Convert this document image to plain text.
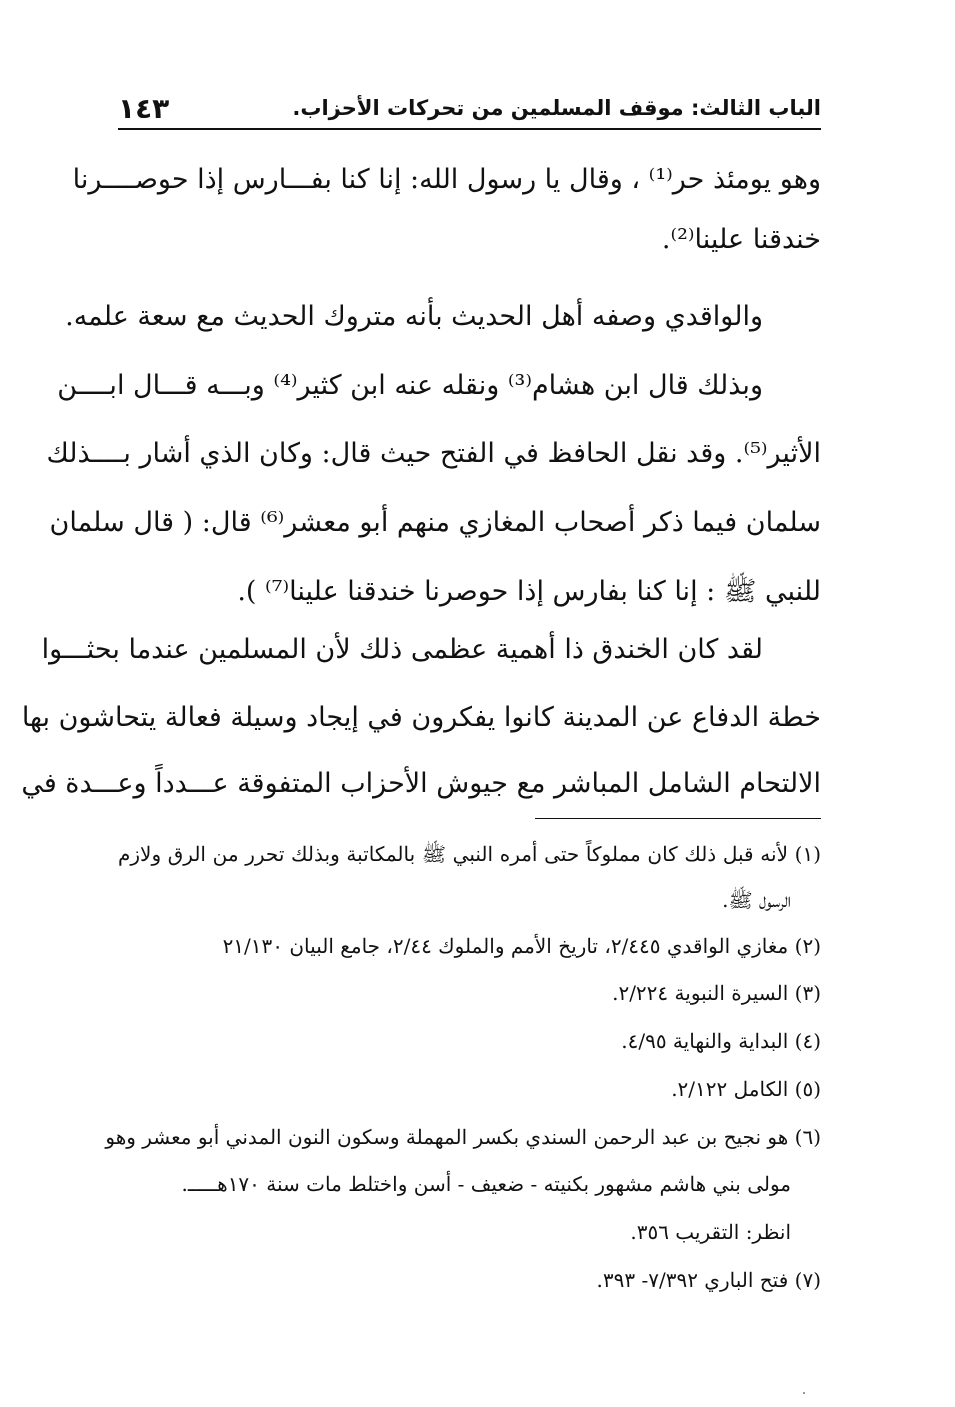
الباب الثالث: موقف المسلمين من تحركات الأحزاب.
١٤٣
وهو يومئذ حر⁽¹⁾ ، وقال يا رسول الله: إنا كنا بفـــارس إذا حوصــــرنا
خندقنا علينا⁽²⁾.
والواقدي وصفه أهل الحديث بأنه متروك الحديث مع سعة علمه.
وبذلك قال ابن هشام⁽³⁾ ونقله عنه ابن كثير⁽⁴⁾ وبـــه قـــال ابــــن
الأثير⁽⁵⁾. وقد نقل الحافظ في الفتح حيث قال: وكان الذي أشار بــــذلك
سلمان فيما ذكر أصحاب المغازي منهم أبو معشر⁽⁶⁾ قال: ( قال سلمان
للنبي ﷺ : إنا كنا بفارس إذا حوصرنا خندقنا علينا⁽⁷⁾ ).
لقد كان الخندق ذا أهمية عظمى ذلك لأن المسلمين عندما بحثـــوا
خطة الدفاع عن المدينة كانوا يفكرون في إيجاد وسيلة فعالة يتحاشون بها
الالتحام الشامل المباشر مع جيوش الأحزاب المتفوقة عـــدداً وعـــدة في
(١) لأنه قبل ذلك كان مملوكاً حتى أمره النبي ﷺ بالمكاتبة وبذلك تحرر من الرق ولازم
الرسول ﷺ.
(٢) مغازي الواقدي ٢/٤٤٥، تاريخ الأمم والملوك ٢/٤٤، جامع البيان ٢١/١٣٠
(٣) السيرة النبوية ٢/٢٢٤.
(٤) البداية والنهاية ٤/٩٥.
(٥) الكامل ٢/١٢٢.
(٦) هو نجيح بن عبد الرحمن السندي بكسر المهملة وسكون النون المدني أبو معشر وهو
مولى بني هاشم مشهور بكنيته - ضعيف - أسن واختلط مات سنة ١٧٠هـــــ.
انظر: التقريب ٣٥٦.
(٧) فتح الباري ٧/٣٩٢- ٣٩٣.
